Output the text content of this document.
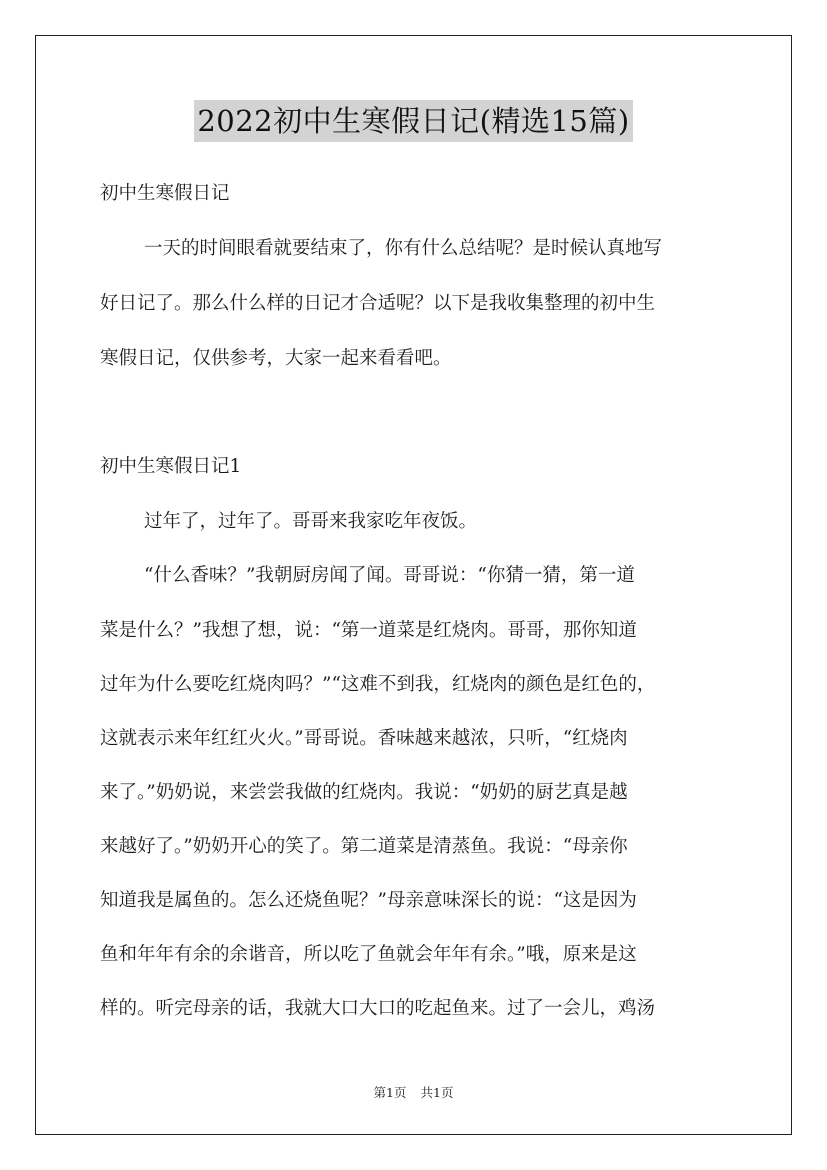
2022初中生寒假日记(精选15篇)
初中生寒假日记
一天的时间眼看就要结束了，你有什么总结呢？是时候认真地写
好日记了。那么什么样的日记才合适呢？以下是我收集整理的初中生
寒假日记，仅供参考，大家一起来看看吧。
初中生寒假日记1
过年了，过年了。哥哥来我家吃年夜饭。
“什么香味？”我朝厨房闻了闻。哥哥说：“你猜一猜，第一道
菜是什么？”我想了想，说：“第一道菜是红烧肉。哥哥，那你知道
过年为什么要吃红烧肉吗？”“这难不到我，红烧肉的颜色是红色的，
这就表示来年红红火火。”哥哥说。香味越来越浓，只听，“红烧肉
来了。”奶奶说，来尝尝我做的红烧肉。我说：“奶奶的厨艺真是越
来越好了。”奶奶开心的笑了。第二道菜是清蒸鱼。我说：“母亲你
知道我是属鱼的。怎么还烧鱼呢？”母亲意味深长的说：“这是因为
鱼和年年有余的余谐音，所以吃了鱼就会年年有余。”哦，原来是这
样的。听完母亲的话，我就大口大口的吃起鱼来。过了一会儿，鸡汤
第1页 共1页
